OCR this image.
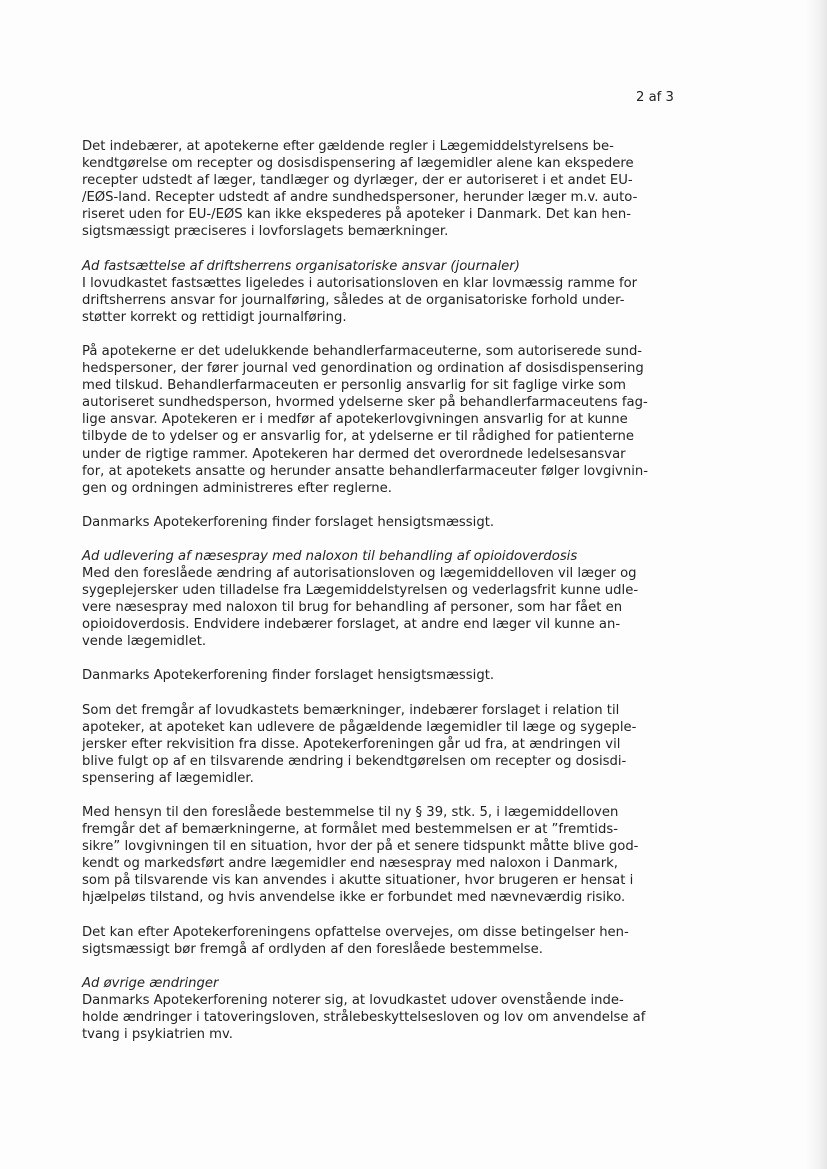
2 af 3
Det indebærer, at apotekerne efter gældende regler i Lægemiddelstyrelsens be-
kendtgørelse om recepter og dosisdispensering af lægemidler alene kan ekspedere
recepter udstedt af læger, tandlæger og dyrlæger, der er autoriseret i et andet EU-
/EØS-land. Recepter udstedt af andre sundhedspersoner, herunder læger m.v. auto-
riseret uden for EU-/EØS kan ikke ekspederes på apoteker i Danmark. Det kan hen-
sigtsmæssigt præciseres i lovforslagets bemærkninger.
Ad fastsættelse af driftsherrens organisatoriske ansvar (journaler)
I lovudkastet fastsættes ligeledes i autorisationsloven en klar lovmæssig ramme for
driftsherrens ansvar for journalføring, således at de organisatoriske forhold under-
støtter korrekt og rettidigt journalføring.
På apotekerne er det udelukkende behandlerfarmaceuterne, som autoriserede sund-
hedspersoner, der fører journal ved genordination og ordination af dosisdispensering
med tilskud. Behandlerfarmaceuten er personlig ansvarlig for sit faglige virke som
autoriseret sundhedsperson, hvormed ydelserne sker på behandlerfarmaceutens fag-
lige ansvar. Apotekeren er i medfør af apotekerlovgivningen ansvarlig for at kunne
tilbyde de to ydelser og er ansvarlig for, at ydelserne er til rådighed for patienterne
under de rigtige rammer. Apotekeren har dermed det overordnede ledelsesansvar
for, at apotekets ansatte og herunder ansatte behandlerfarmaceuter følger lovgivnin-
gen og ordningen administreres efter reglerne.
Danmarks Apotekerforening finder forslaget hensigtsmæssigt.
Ad udlevering af næsespray med naloxon til behandling af opioidoverdosis
Med den foreslåede ændring af autorisationsloven og lægemiddelloven vil læger og
sygeplejersker uden tilladelse fra Lægemiddelstyrelsen og vederlagsfrit kunne udle-
vere næsespray med naloxon til brug for behandling af personer, som har fået en
opioidoverdosis. Endvidere indebærer forslaget, at andre end læger vil kunne an-
vende lægemidlet.
Danmarks Apotekerforening finder forslaget hensigtsmæssigt.
Som det fremgår af lovudkastets bemærkninger, indebærer forslaget i relation til
apoteker, at apoteket kan udlevere de pågældende lægemidler til læge og sygeple-
jersker efter rekvisition fra disse. Apotekerforeningen går ud fra, at ændringen vil
blive fulgt op af en tilsvarende ændring i bekendtgørelsen om recepter og dosisdi-
spensering af lægemidler.
Med hensyn til den foreslåede bestemmelse til ny § 39, stk. 5, i lægemiddelloven
fremgår det af bemærkningerne, at formålet med bestemmelsen er at ”fremtids-
sikre” lovgivningen til en situation, hvor der på et senere tidspunkt måtte blive god-
kendt og markedsført andre lægemidler end næsespray med naloxon i Danmark,
som på tilsvarende vis kan anvendes i akutte situationer, hvor brugeren er hensat i
hjælpeløs tilstand, og hvis anvendelse ikke er forbundet med nævneværdig risiko.
Det kan efter Apotekerforeningens opfattelse overvejes, om disse betingelser hen-
sigtsmæssigt bør fremgå af ordlyden af den foreslåede bestemmelse.
Ad øvrige ændringer
Danmarks Apotekerforening noterer sig, at lovudkastet udover ovenstående inde-
holde ændringer i tatoveringsloven, strålebeskyttelsesloven og lov om anvendelse af
tvang i psykiatrien mv.
